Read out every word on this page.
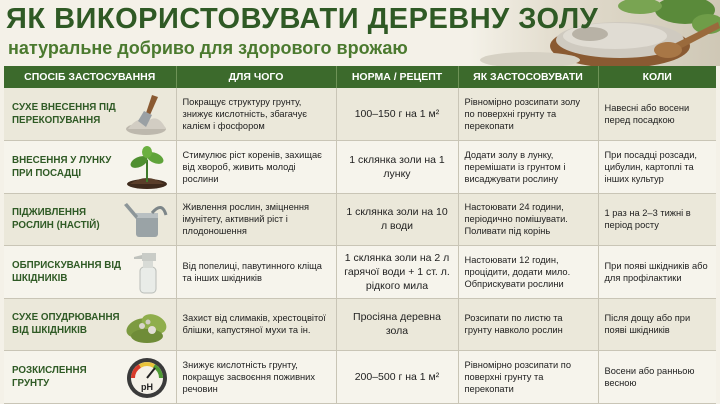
ЯК ВИКОРИСТОВУВАТИ ДЕРЕВНУ ЗОЛУ
натуральне добриво для здорового врожаю
СПОСІБ ЗАСТОСУВАННЯ	ДЛЯ ЧОГО	НОРМА / РЕЦЕПТ	ЯК ЗАСТОСОВУВАТИ	КОЛИ

СУХЕ ВНЕСЕННЯ ПІД ПЕРЕКОПУВАННЯ	Покращує структуру грунту, знижує кислотність, збагачує калієм і фосфором	100–150 г на 1 м²	Рівномірно розсипати золу по поверхні грунту та перекопати	Навесні або восени перед посадкою

ВНЕСЕННЯ У ЛУНКУ ПРИ ПОСАДЦІ	Стимулює ріст коренів, захищає від хвороб, живить молоді рослини	1 склянка золи на 1 лунку	Додати золу в лунку, перемішати із грунтом і висаджувати рослину	При посадці розсади, цибулин, картоплі та інших культур

ПІДЖИВЛЕННЯ РОСЛИН (НАСТІЙ)	Живлення рослин, зміцнення імунітету, активний ріст і плодоношення	1 склянка золи на 10 л води	Настоювати 24 години, періодично помішувати. Поливати під корінь	1 раз на 2–3 тижні в період росту

ОБПРИСКУВАННЯ ВІД ШКІДНИКІВ	Від попелиці, павутинного кліща та інших шкідників	1 склянка золи на 2 л гарячої води + 1 ст. л. рідкого мила	Настоювати 12 годин, процідити, додати мило. Обприскувати рослини	При появі шкідників або для профілактики

СУХЕ ОПУДРЮВАННЯ ВІД ШКІДНИКІВ	Захист від слимаків, хрестоцвітої блішки, капустяної мухи та ін.	Просіяна деревна зола	Розсипати по листю та грунту навколо рослин	Після дощу або при появі шкідників

РОЗКИСЛЕННЯ ГРУНТУ pH	Знижує кислотність грунту, покращує засвоєння поживних речовин	200–500 г на 1 м²	Рівномірно розсипати по поверхні грунту та перекопати	Восени або ранньою весною
